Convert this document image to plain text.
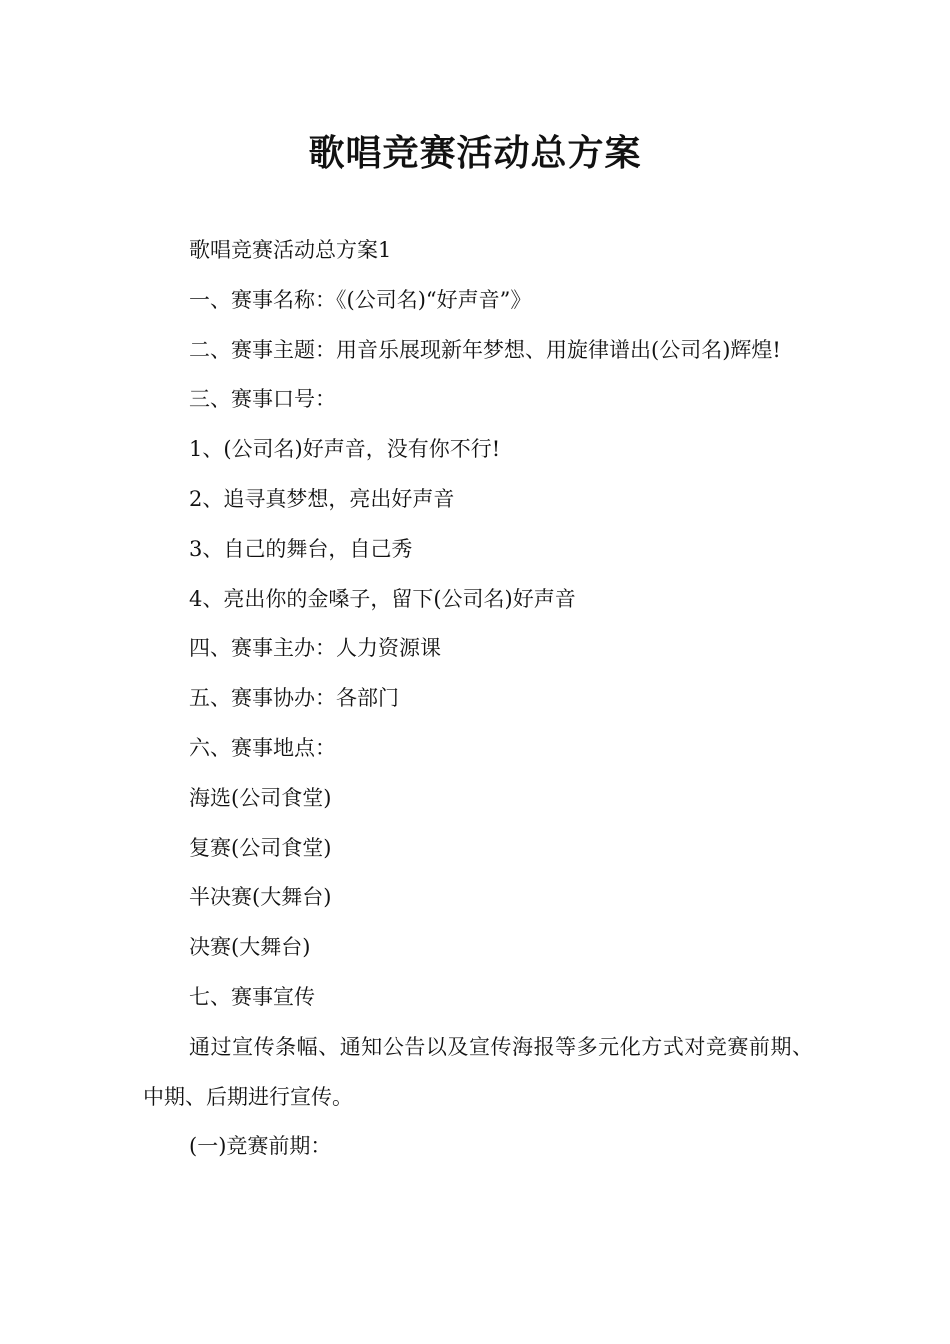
歌唱竞赛活动总方案

歌唱竞赛活动总方案1

一、赛事名称：《(公司名)“好声音”》

二、赛事主题：用音乐展现新年梦想、用旋律谱出(公司名)辉煌!

三、赛事口号：

1、(公司名)好声音，没有你不行!

2、追寻真梦想，亮出好声音

3、自己的舞台，自己秀

4、亮出你的金嗓子，留下(公司名)好声音

四、赛事主办：人力资源课

五、赛事协办：各部门

六、赛事地点：

海选(公司食堂)

复赛(公司食堂)

半决赛(大舞台)

决赛(大舞台)

七、赛事宣传

通过宣传条幅、通知公告以及宣传海报等多元化方式对竞赛前期、中期、后期进行宣传。

(一)竞赛前期：
